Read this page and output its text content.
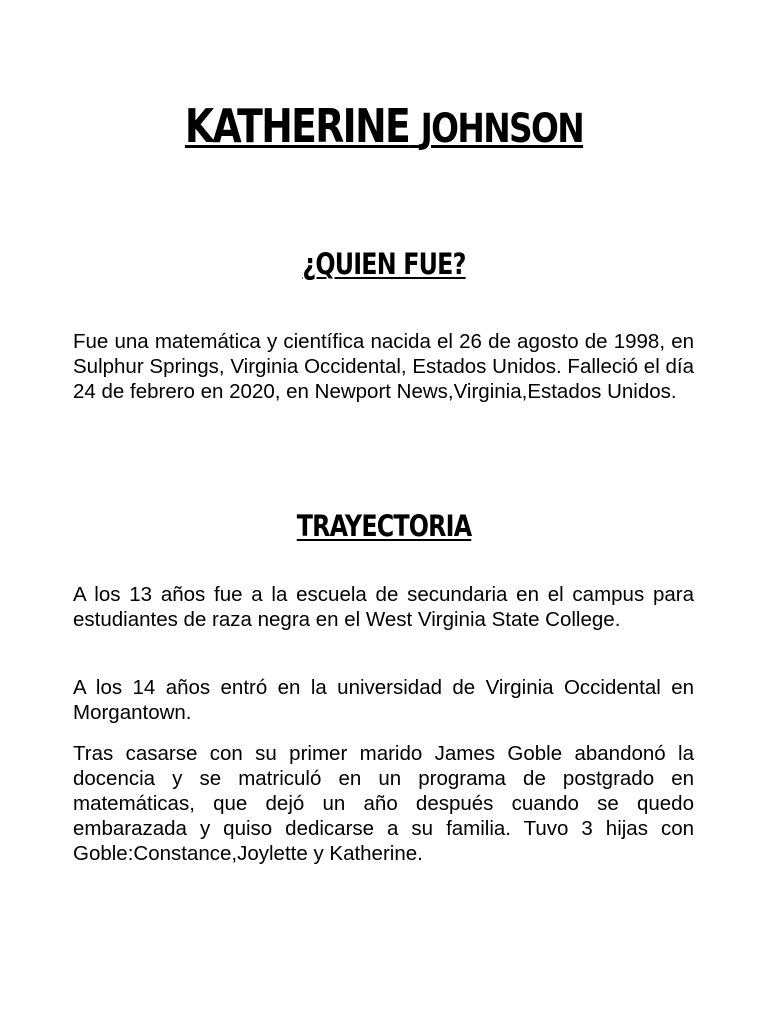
KATHERINE JOHNSON
¿QUIEN FUE?

Fue una matemática y científica nacida el 26 de agosto de 1998, en Sulphur Springs, Virginia Occidental, Estados Unidos. Falleció el día 24 de febrero en 2020, en Newport News,Virginia,Estados Unidos.

TRAYECTORIA

A los 13 años fue a la escuela de secundaria en el campus para estudiantes de raza negra en el West Virginia State College.

A los 14 años entró en la universidad de Virginia Occidental en Morgantown.

Tras casarse con su primer marido James Goble abandonó la docencia y se matriculó en un programa de postgrado en matemáticas, que dejó un año después cuando se quedo embarazada y quiso dedicarse a su familia. Tuvo 3 hijas con Goble:Constance,Joylette y Katherine.
